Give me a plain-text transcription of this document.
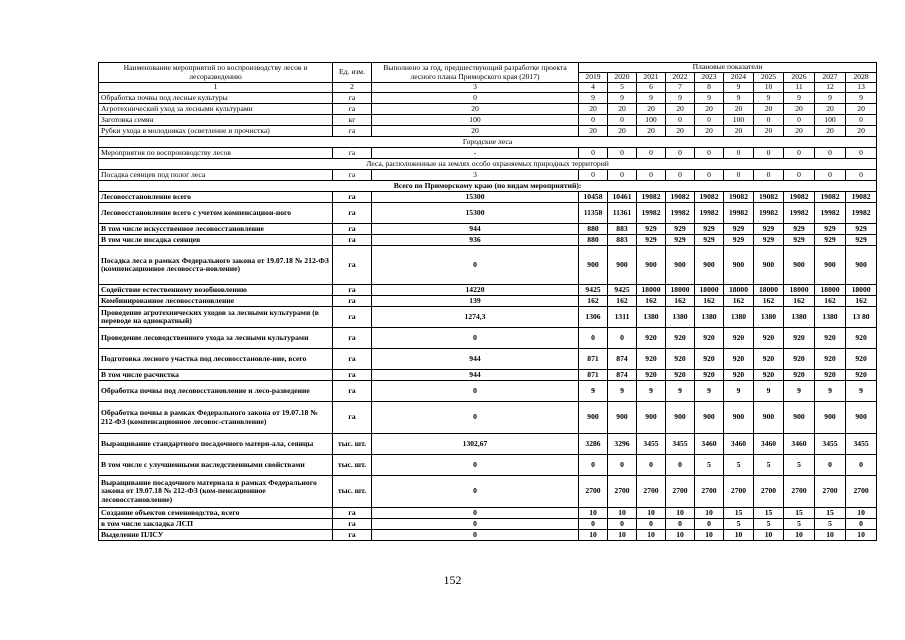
Наименование мероприятий по воспроизводству лесов и лесоразведению	Ед. изм.	Выполнено за год, предшествующий разработке проекта лесного плана Приморского края (2017)	Плановые показатели									
			2019	2020	2021	2022	2023	2024	2025	2026	2027	2028
1	2	3	4	5	6	7	8	9	10	11	12	13
Обработка почвы под лесные культуры	га	0	9	9	9	9	9	9	9	9	9	9
Агротехнический уход за лесными культурами	га	20	20	20	20	20	20	20	20	20	20	20
Заготовка семян	кг	100	0	0	100	0	0	100	0	0	100	0
Рубки ухода в молодняках (осветление и прочистка)	га	20	20	20	20	20	20	20	20	20	20	20
Городские леса												
Мероприятия по воспроизводству лесов	га	-	0	0	0	0	0	0	0	0	0	0
Леса, расположенные на землях особо охраняемых природных территорий												
Посадка сеянцев под полог леса	га	3	0	0	0	0	0	0	0	0	0	0
Всего по Приморскому краю (по видам мероприятий):												
Лесовосстановление всего	га	15300	10458	10461	19082	19082	19082	19082	19082	19082	19082	19082
Лесовосстановление всего с учетом компенсацион-ного	га	15300	11358	11361	19982	19982	19982	19982	19982	19982	19982	19982
В том числе искусственное лесовосстановление	га	944	880	883	929	929	929	929	929	929	929	929
В том числе посадка сеянцев	га	936	880	883	929	929	929	929	929	929	929	929
Посадка леса в рамках Федерального закона от 19.07.18 № 212-ФЗ (компенсационное лесовосста-новление)	га	0	900	900	900	900	900	900	900	900	900	900
Содействие естественному возобновлению	га	14220	9425	9425	18000	18000	18000	18000	18000	18000	18000	18000
Комбинированное лесовосстановление	га	139	162	162	162	162	162	162	162	162	162	162
Проведение агротехнических уходов за лесными культурами (в переводе на однократный)	га	1274,3	1306	1311	1380	1380	1380	1380	1380	1380	1380	13 80
Проведение лесоводственного ухода за лесными культурами	га	0	0	0	920	920	920	920	920	920	920	920
Подготовка лесного участка под лесовосстановле-ние, всего	га	944	871	874	920	920	920	920	920	920	920	920
В том числе расчистка	га	944	871	874	920	920	920	920	920	920	920	920
Обработка почвы под лесовосстановление и лесо-разведение	га	0	9	9	9	9	9	9	9	9	9	9
Обработка почвы в рамках Федерального закона от 19.07.18 № 212-ФЗ (компенсационное лесовос-становление)	га	0	900	900	900	900	900	900	900	900	900	900
Выращивание стандартного посадочного матери-ала, сеянцы	тыс. шт.	1302,67	3286	3296	3455	3455	3460	3460	3460	3460	3455	3455
В том числе с улучшенными наследственными свойствами	тыс. шт.	0	0	0	0	0	5	5	5	5	0	0
Выращивание посадочного материала в рамках Федерального закона от 19.07.18 № 212-ФЗ (ком-пенсационное лесовосстановление)	тыс. шт.	0	2700	2700	2700	2700	2700	2700	2700	2700	2700	2700
Создание объектов семеноводства, всего	га	0	10	10	10	10	10	15	15	15	15	10
в том числе закладка ЛСП	га	0	0	0	0	0	0	5	5	5	5	0
Выделение ПЛСУ	га	0	10	10	10	10	10	10	10	10	10	10
152
